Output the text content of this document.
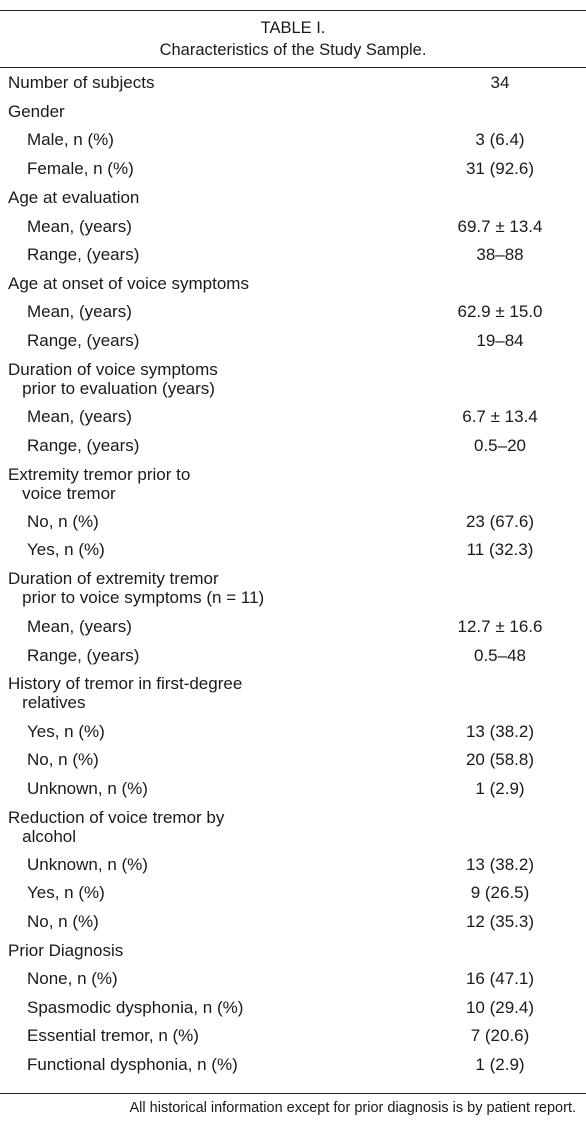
TABLE I.
Characteristics of the Study Sample.
Number of subjects	34
Gender
Male, n (%)	3 (6.4)
Female, n (%)	31 (92.6)
Age at evaluation
Mean, (years)	69.7 ± 13.4
Range, (years)	38–88
Age at onset of voice symptoms
Mean, (years)	62.9 ± 15.0
Range, (years)	19–84
Duration of voice symptoms
prior to evaluation (years)
Mean, (years)	6.7 ± 13.4
Range, (years)	0.5–20
Extremity tremor prior to
voice tremor
No, n (%)	23 (67.6)
Yes, n (%)	11 (32.3)
Duration of extremity tremor
prior to voice symptoms (n = 11)
Mean, (years)	12.7 ± 16.6
Range, (years)	0.5–48
History of tremor in first-degree
relatives
Yes, n (%)	13 (38.2)
No, n (%)	20 (58.8)
Unknown, n (%)	1 (2.9)
Reduction of voice tremor by
alcohol
Unknown, n (%)	13 (38.2)
Yes, n (%)	9 (26.5)
No, n (%)	12 (35.3)
Prior Diagnosis
None, n (%)	16 (47.1)
Spasmodic dysphonia, n (%)	10 (29.4)
Essential tremor, n (%)	7 (20.6)
Functional dysphonia, n (%)	1 (2.9)
All historical information except for prior diagnosis is by patient report.
